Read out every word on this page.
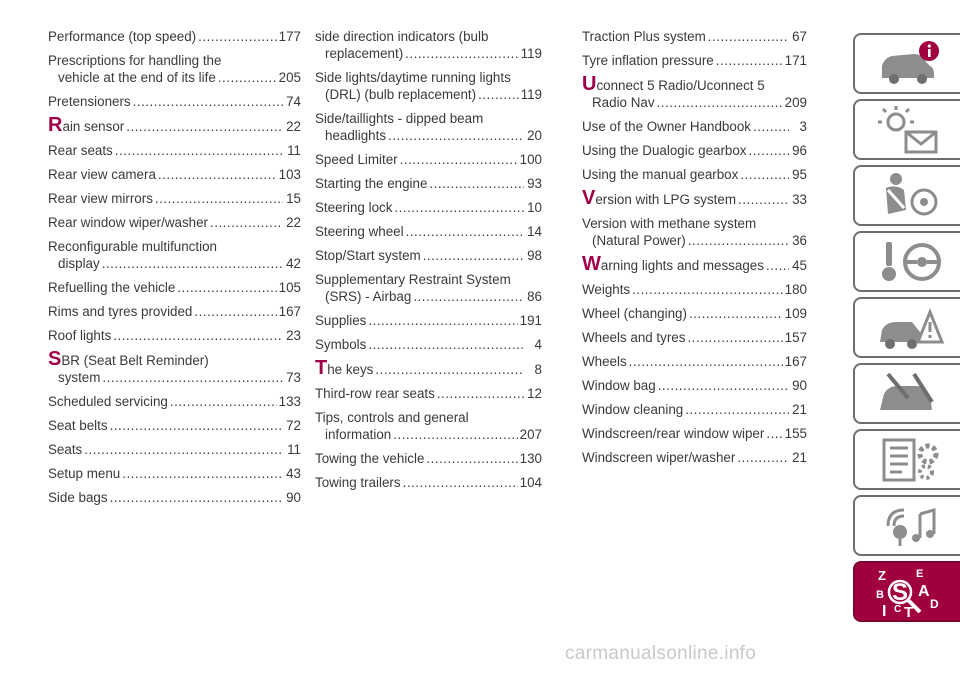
Performance (top speed) .....	177
Prescriptions for handling the
vehicle at the end of its life .....	205
Pretensioners .....	74
Rain sensor .....	22
Rear seats .....	11
Rear view camera .....	103
Rear view mirrors .....	15
Rear window wiper/washer .....	22
Reconfigurable multifunction
display .....	42
Refuelling the vehicle .....	105
Rims and tyres provided .....	167
Roof lights .....	23
SBR (Seat Belt Reminder)
system .....	73
Scheduled servicing .....	133
Seat belts .....	72
Seats .....	11
Setup menu .....	43
Side bags .....	90
side direction indicators (bulb
replacement) .....	119
Side lights/daytime running lights
(DRL) (bulb replacement) .....	119
Side/taillights - dipped beam
headlights .....	20
Speed Limiter .....	100
Starting the engine .....	93
Steering lock .....	10
Steering wheel .....	14
Stop/Start system .....	98
Supplementary Restraint System
(SRS) - Airbag .....	86
Supplies .....	191
Symbols .....	4
The keys .....	8
Third-row rear seats .....	12
Tips, controls and general
information .....	207
Towing the vehicle .....	130
Towing trailers .....	104
Traction Plus system .....	67
Tyre inflation pressure .....	171
Uconnect 5 Radio/Uconnect 5
Radio Nav .....	209
Use of the Owner Handbook .....	3
Using the Dualogic gearbox .....	96
Using the manual gearbox .....	95
Version with LPG system .....	33
Version with methane system
(Natural Power) .....	36
Warning lights and messages ..... 45
Weights .....	180
Wheel (changing) .....	109
Wheels and tyres .....	157
Wheels .....	167
Window bag .....	90
Window cleaning .....	21
Windscreen/rear window wiper ..... 155
Windscreen wiper/washer .....	21
Z	E
S A
B
D
I C T
carmanualsonline.info
